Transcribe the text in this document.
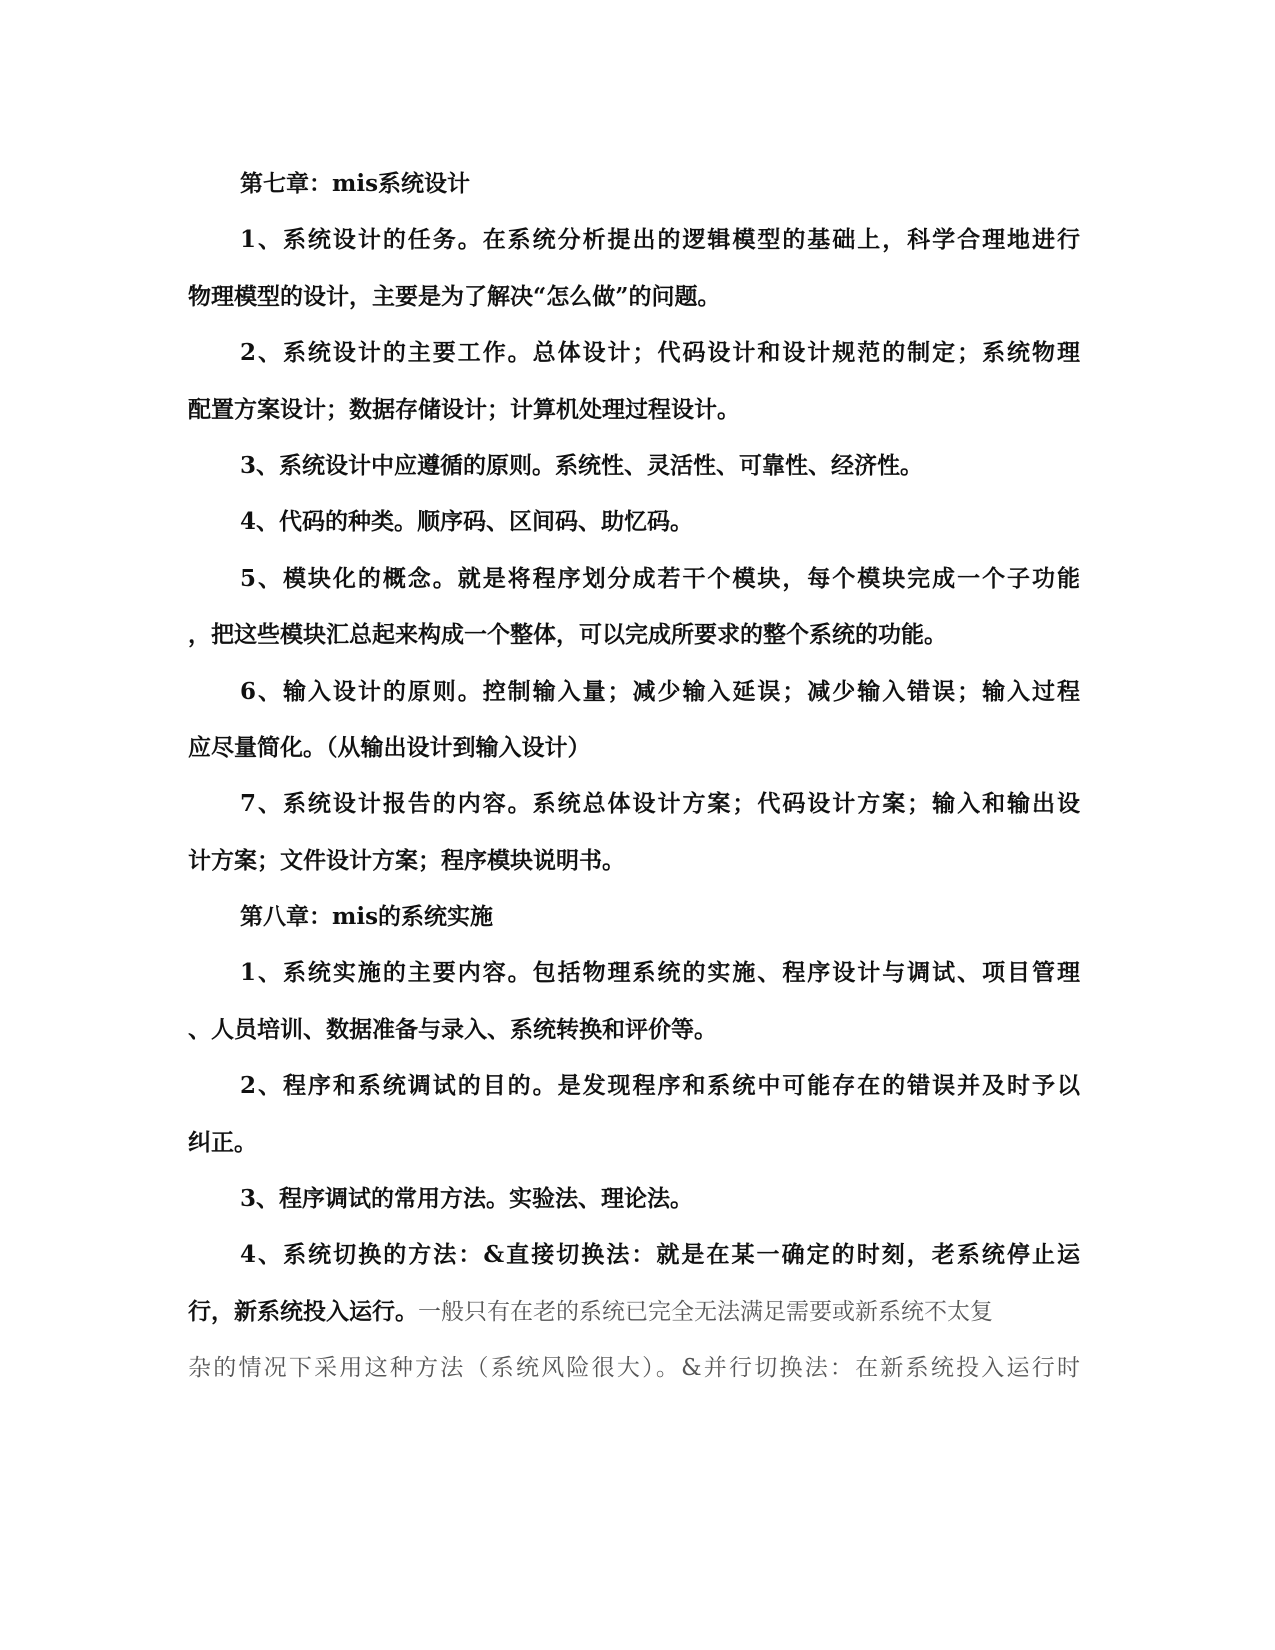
第七章：mis系统设计
1、系统设计的任务。在系统分析提出的逻辑模型的基础上，科学合理地进行
物理模型的设计，主要是为了解决“怎么做”的问题。
2、系统设计的主要工作。总体设计；代码设计和设计规范的制定；系统物理
配置方案设计；数据存储设计；计算机处理过程设计。
3、系统设计中应遵循的原则。系统性、灵活性、可靠性、经济性。
4、代码的种类。顺序码、区间码、助忆码。
5、模块化的概念。就是将程序划分成若干个模块，每个模块完成一个子功能
，把这些模块汇总起来构成一个整体，可以完成所要求的整个系统的功能。
6、输入设计的原则。控制输入量；减少输入延误；减少输入错误；输入过程
应尽量简化。（从输出设计到输入设计）
7、系统设计报告的内容。系统总体设计方案；代码设计方案；输入和输出设
计方案；文件设计方案；程序模块说明书。
第八章：mis的系统实施
1、系统实施的主要内容。包括物理系统的实施、程序设计与调试、项目管理
、人员培训、数据准备与录入、系统转换和评价等。
2、程序和系统调试的目的。是发现程序和系统中可能存在的错误并及时予以
纠正。
3、程序调试的常用方法。实验法、理论法。
4、系统切换的方法：&直接切换法：就是在某一确定的时刻，老系统停止运
行，新系统投入运行。一般只有在老的系统已完全无法满足需要或新系统不太复
杂的情况下采用这种方法（系统风险很大）。&并行切换法：在新系统投入运行时
